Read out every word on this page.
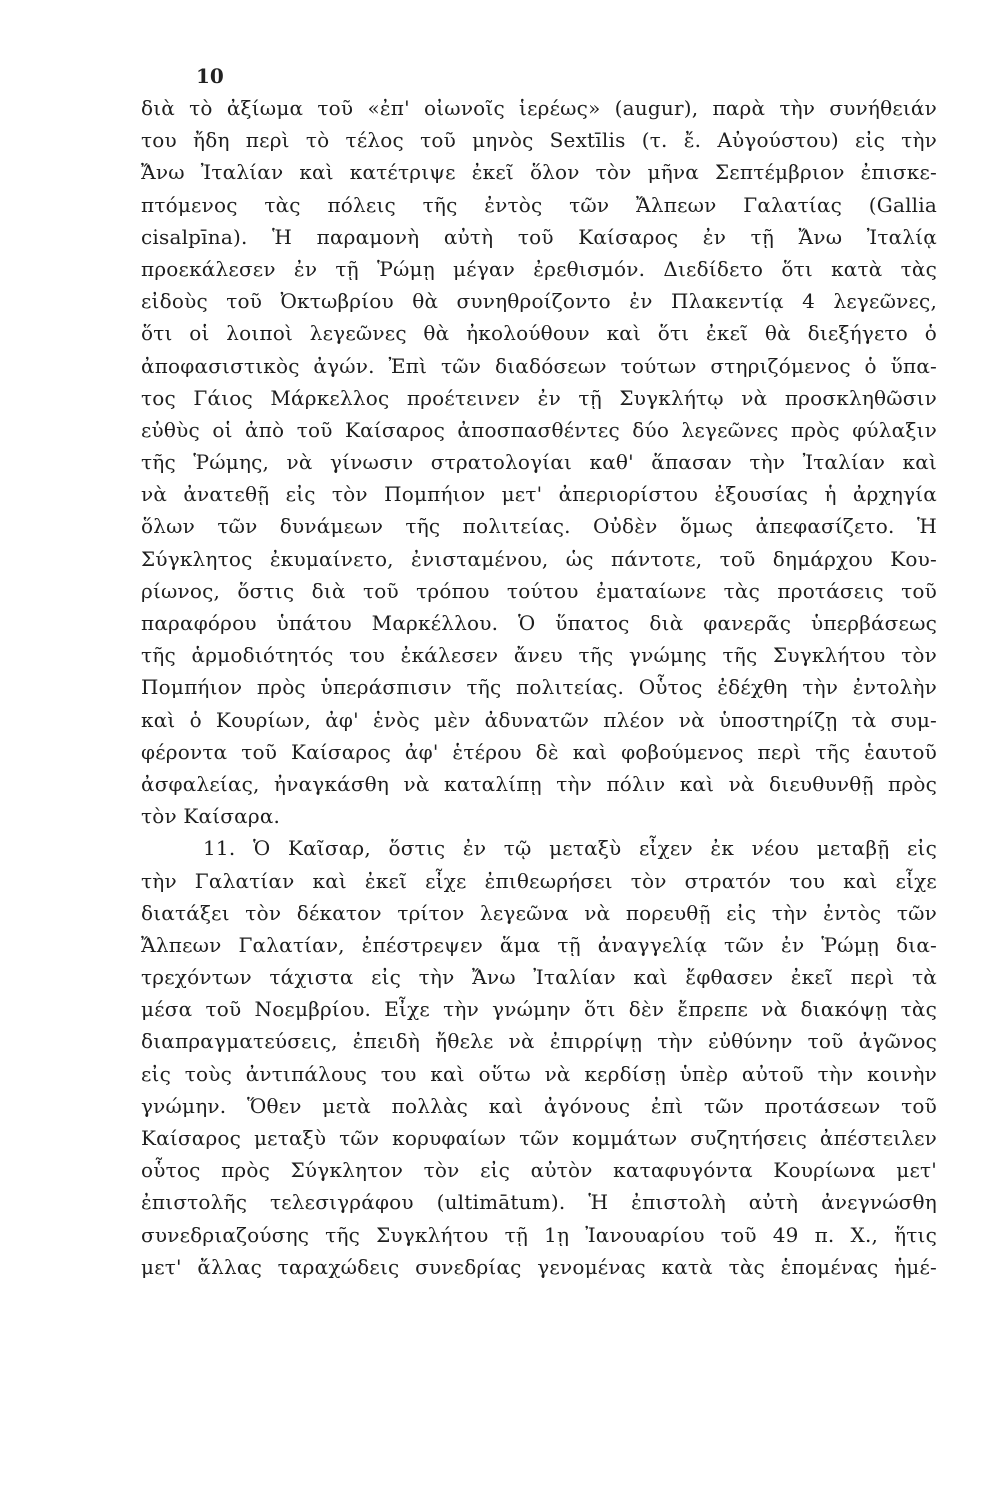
10
διὰ τὸ ἀξίωμα τοῦ «ἐπ' οἰωνοῖς ἱερέως» (augur), παρὰ τὴν συνήθειάν
του ἤδη περὶ τὸ τέλος τοῦ μηνὸς Sextīlis (τ. ἔ. Αὐγούστου) εἰς τὴν
Ἄνω Ἰταλίαν καὶ κατέτριψε ἐκεῖ ὅλον τὸν μῆνα Σεπτέμβριον ἐπισκε-
πτόμενος τὰς πόλεις τῆς ἐντὸς τῶν Ἄλπεων Γαλατίας (Gallia
cisalpīna). Ἡ παραμονὴ αὐτὴ τοῦ Καίσαρος ἐν τῇ Ἄνω Ἰταλίᾳ
προεκάλεσεν ἐν τῇ Ῥώμῃ μέγαν ἐρεθισμόν. Διεδίδετο ὅτι κατὰ τὰς
εἰδοὺς τοῦ Ὀκτωβρίου θὰ συνηθροίζοντο ἐν Πλακεντίᾳ 4 λεγεῶνες,
ὅτι οἱ λοιποὶ λεγεῶνες θὰ ἠκολούθουν καὶ ὅτι ἐκεῖ θὰ διεξήγετο ὁ
ἀποφασιστικὸς ἀγών. Ἐπὶ τῶν διαδόσεων τούτων στηριζόμενος ὁ ὕπα-
τος Γάιος Μάρκελλος προέτεινεν ἐν τῇ Συγκλήτῳ νὰ προσκληθῶσιν
εὐθὺς οἱ ἀπὸ τοῦ Καίσαρος ἀποσπασθέντες δύο λεγεῶνες πρὸς φύλαξιν
τῆς Ῥώμης, νὰ γίνωσιν στρατολογίαι καθ' ἅπασαν τὴν Ἰταλίαν καὶ
νὰ ἀνατεθῇ εἰς τὸν Πομπήιον μετ' ἀπεριορίστου ἐξουσίας ἡ ἀρχηγία
ὅλων τῶν δυνάμεων τῆς πολιτείας. Οὐδὲν ὅμως ἀπεφασίζετο. Ἡ
Σύγκλητος ἐκυμαίνετο, ἐνισταμένου, ὡς πάντοτε, τοῦ δημάρχου Κου-
ρίωνος, ὅστις διὰ τοῦ τρόπου τούτου ἐματαίωνε τὰς προτάσεις τοῦ
παραφόρου ὑπάτου Μαρκέλλου. Ὁ ὕπατος διὰ φανερᾶς ὑπερβάσεως
τῆς ἁρμοδιότητός του ἐκάλεσεν ἄνευ τῆς γνώμης τῆς Συγκλήτου τὸν
Πομπήιον πρὸς ὑπεράσπισιν τῆς πολιτείας. Οὗτος ἐδέχθη τὴν ἐντολὴν
καὶ ὁ Κουρίων, ἀφ' ἑνὸς μὲν ἀδυνατῶν πλέον νὰ ὑποστηρίζῃ τὰ συμ-
φέροντα τοῦ Καίσαρος ἀφ' ἑτέρου δὲ καὶ φοβούμενος περὶ τῆς ἑαυτοῦ
ἀσφαλείας, ἠναγκάσθη νὰ καταλίπῃ τὴν πόλιν καὶ νὰ διευθυνθῇ πρὸς
τὸν Καίσαρα.
11. Ὁ Καῖσαρ, ὅστις ἐν τῷ μεταξὺ εἶχεν ἐκ νέου μεταβῇ εἰς
τὴν Γαλατίαν καὶ ἐκεῖ εἶχε ἐπιθεωρήσει τὸν στρατόν του καὶ εἶχε
διατάξει τὸν δέκατον τρίτον λεγεῶνα νὰ πορευθῇ εἰς τὴν ἐντὸς τῶν
Ἄλπεων Γαλατίαν, ἐπέστρεψεν ἅμα τῇ ἀναγγελίᾳ τῶν ἐν Ῥώμῃ δια-
τρεχόντων τάχιστα εἰς τὴν Ἄνω Ἰταλίαν καὶ ἔφθασεν ἐκεῖ περὶ τὰ
μέσα τοῦ Νοεμβρίου. Εἶχε τὴν γνώμην ὅτι δὲν ἔπρεπε νὰ διακόψῃ τὰς
διαπραγματεύσεις, ἐπειδὴ ἤθελε νὰ ἐπιρρίψῃ τὴν εὐθύνην τοῦ ἀγῶνος
εἰς τοὺς ἀντιπάλους του καὶ οὕτω νὰ κερδίσῃ ὑπὲρ αὐτοῦ τὴν κοινὴν
γνώμην. Ὅθεν μετὰ πολλὰς καὶ ἀγόνους ἐπὶ τῶν προτάσεων τοῦ
Καίσαρος μεταξὺ τῶν κορυφαίων τῶν κομμάτων συζητήσεις ἀπέστειλεν
οὗτος πρὸς Σύγκλητον τὸν εἰς αὐτὸν καταφυγόντα Κουρίωνα μετ'
ἐπιστολῆς τελεσιγράφου (ultimātum). Ἡ ἐπιστολὴ αὐτὴ ἀνεγνώσθη
συνεδριαζούσης τῆς Συγκλήτου τῇ 1ῃ Ἰανουαρίου τοῦ 49 π. Χ., ἥτις
μετ' ἄλλας ταραχώδεις συνεδρίας γενομένας κατὰ τὰς ἑπομένας ἡμέ-
